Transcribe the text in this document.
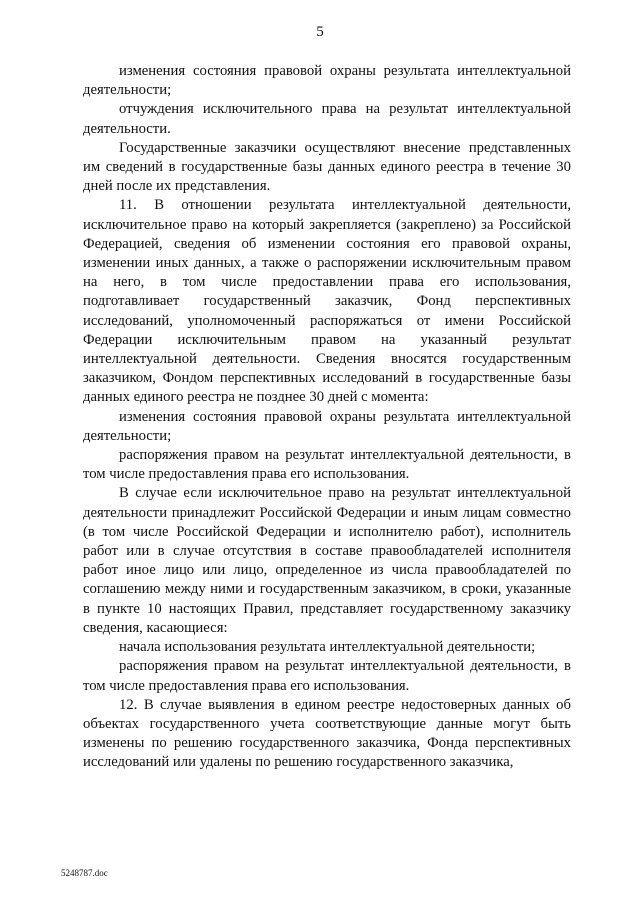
5

изменения состояния правовой охраны результата интеллектуальной деятельности;

отчуждения исключительного права на результат интеллектуальной деятельности.

Государственные заказчики осуществляют внесение представленных им сведений в государственные базы данных единого реестра в течение 30 дней после их представления.

11. В отношении результата интеллектуальной деятельности, исключительное право на который закрепляется (закреплено) за Российской Федерацией, сведения об изменении состояния его правовой охраны, изменении иных данных, а также о распоряжении исключительным правом на него, в том числе предоставлении права его использования, подготавливает государственный заказчик, Фонд перспективных исследований, уполномоченный распоряжаться от имени Российской Федерации исключительным правом на указанный результат интеллектуальной деятельности. Сведения вносятся государственным заказчиком, Фондом перспективных исследований в государственные базы данных единого реестра не позднее 30 дней с момента:

изменения состояния правовой охраны результата интеллектуальной деятельности;

распоряжения правом на результат интеллектуальной деятельности, в том числе предоставления права его использования.

В случае если исключительное право на результат интеллектуальной деятельности принадлежит Российской Федерации и иным лицам совместно (в том числе Российской Федерации и исполнителю работ), исполнитель работ или в случае отсутствия в составе правообладателей исполнителя работ иное лицо или лицо, определенное из числа правообладателей по соглашению между ними и государственным заказчиком, в сроки, указанные в пункте 10 настоящих Правил, представляет государственному заказчику сведения, касающиеся:

начала использования результата интеллектуальной деятельности;

распоряжения правом на результат интеллектуальной деятельности, в том числе предоставления права его использования.

12. В случае выявления в едином реестре недостоверных данных об объектах государственного учета соответствующие данные могут быть изменены по решению государственного заказчика, Фонда перспективных исследований или удалены по решению государственного заказчика,

5248787.doc
